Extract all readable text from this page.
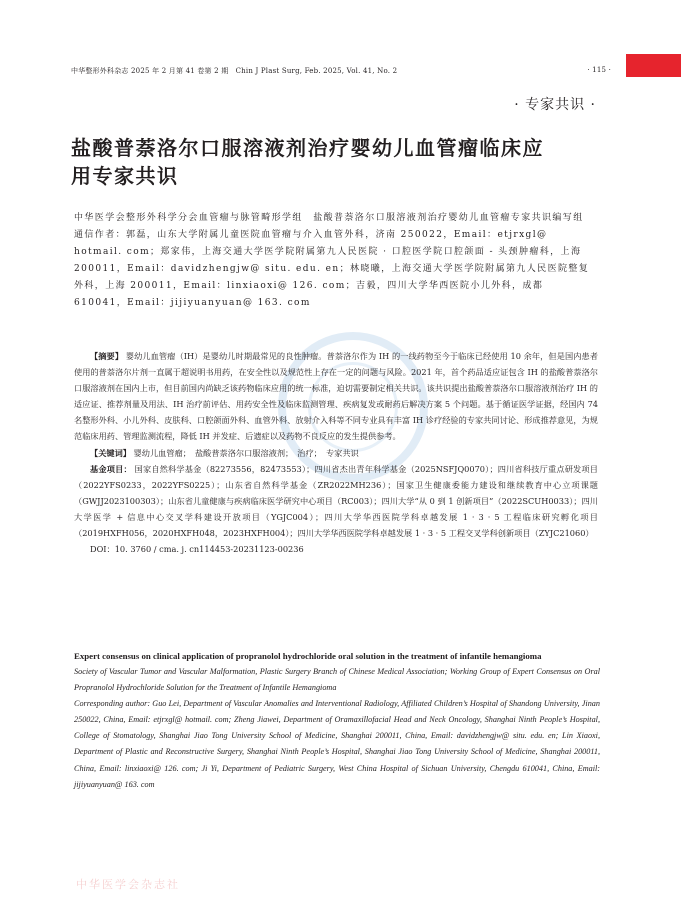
中华整形外科杂志 2025 年 2 月第 41 卷第 2 期　Chin J Plast Surg, Feb. 2025, Vol. 41, No. 2	· 115 ·
· 专家共识 ·
盐酸普萘洛尔口服溶液剂治疗婴幼儿血管瘤临床应用专家共识

中华医学会整形外科学分会血管瘤与脉管畸形学组　盐酸普萘洛尔口服溶液剂治疗婴幼儿血管瘤专家共识编写组

通信作者：郭磊，山东大学附属儿童医院血管瘤与介入血管外科，济南 250022，Email：etjrxgl@ hotmail. com；郑家伟，上海交通大学医学院附属第九人民医院 · 口腔医学院口腔颌面 - 头颈肿瘤科，上海 200011，Email：davidzhengjw@ situ. edu. en；林晓曦，上海交通大学医学院附属第九人民医院整复外科，上海 200011，Email：linxiaoxi@ 126. com；吉毅，四川大学华西医院小儿外科，成都 610041，Email：jijiyuanyuan@ 163. com

【摘要】 婴幼儿血管瘤（IH）是婴幼儿时期最常见的良性肿瘤。普萘洛尔作为 IH 的一线药物至今于临床已经使用 10 余年，但是国内患者使用的普萘洛尔片剂一直属于超说明书用药，在安全性以及规范性上存在一定的问题与风险。2021 年，首个药品适应证包含 IH 的盐酸普萘洛尔口服溶液剂在国内上市，但目前国内尚缺乏该药物临床应用的统一标准，迫切需要制定相关共识。该共识提出盐酸普萘洛尔口服溶液剂治疗 IH 的适应证、推荐剂量及用法、IH 治疗前评估、用药安全性及临床监测管理、疾病复发或耐药后解决方案 5 个问题。基于循证医学证据，经国内 74 名整形外科、小儿外科、皮肤科、口腔颌面外科、血管外科、放射介入科等不同专业具有丰富 IH 诊疗经验的专家共同讨论、形成推荐意见，为规范临床用药、管理监测流程，降低 IH 并发症、后遗症以及药物不良反应的发生提供参考。

【关键词】 婴幼儿血管瘤；　盐酸普萘洛尔口服溶液剂；　治疗；　专家共识

基金项目： 国家自然科学基金（82273556，82473553）；四川省杰出青年科学基金（2025NSFJQ0070）；四川省科技厅重点研发项目（2022YFS0233，2022YFS0225）；山东省自然科学基金（ZR2022MH236）；国家卫生健康委能力建设和继续教育中心立项课题（GWJJ2023100303）；山东省儿童健康与疾病临床医学研究中心项目（RC003）；四川大学“从 0 到 1 创新项目”（2022SCUH0033）；四川大学医学 + 信息中心交叉学科建设开放项目（YGJC004）；四川大学华西医院学科卓越发展 1 · 3 · 5 工程临床研究孵化项目（2019HXFH056，2020HXFH048，2023HXFH004）；四川大学华西医院学科卓越发展 1 · 3 · 5 工程交叉学科创新项目（ZYJC21060）

DOI：10. 3760 / cma. j. cn114453-20231123-00236

Expert consensus on clinical application of propranolol hydrochloride oral solution in the treatment of infantile hemangioma

Society of Vascular Tumor and Vascular Malformation, Plastic Surgery Branch of Chinese Medical Association; Working Group of Expert Consensus on Oral Propranolol Hydrochloride Solution for the Treatment of Infantile Hemangioma

Corresponding author: Guo Lei, Department of Vascular Anomalies and Interventional Radiology, Affiliated Children’s Hospital of Shandong University, Jinan 250022, China, Email: etjrxgl@ hotmail. com; Zheng Jiawei, Department of Oramaxillofacial Head and Neck Oncology, Shanghai Ninth People’s Hospital, College of Stomatology, Shanghai Jiao Tong University School of Medicine, Shanghai 200011, China, Email: davidzhengjw@ situ. edu. en; Lin Xiaoxi, Department of Plastic and Reconstructive Surgery, Shanghai Ninth People’s Hospital, Shanghai Jiao Tong University School of Medicine, Shanghai 200011, China, Email: linxiaoxi@ 126. com; Ji Yi, Department of Pediatric Surgery, West China Hospital of Sichuan University, Chengdu 610041, China, Email: jijiyuanyuan@ 163. com

中华医学会杂志社
